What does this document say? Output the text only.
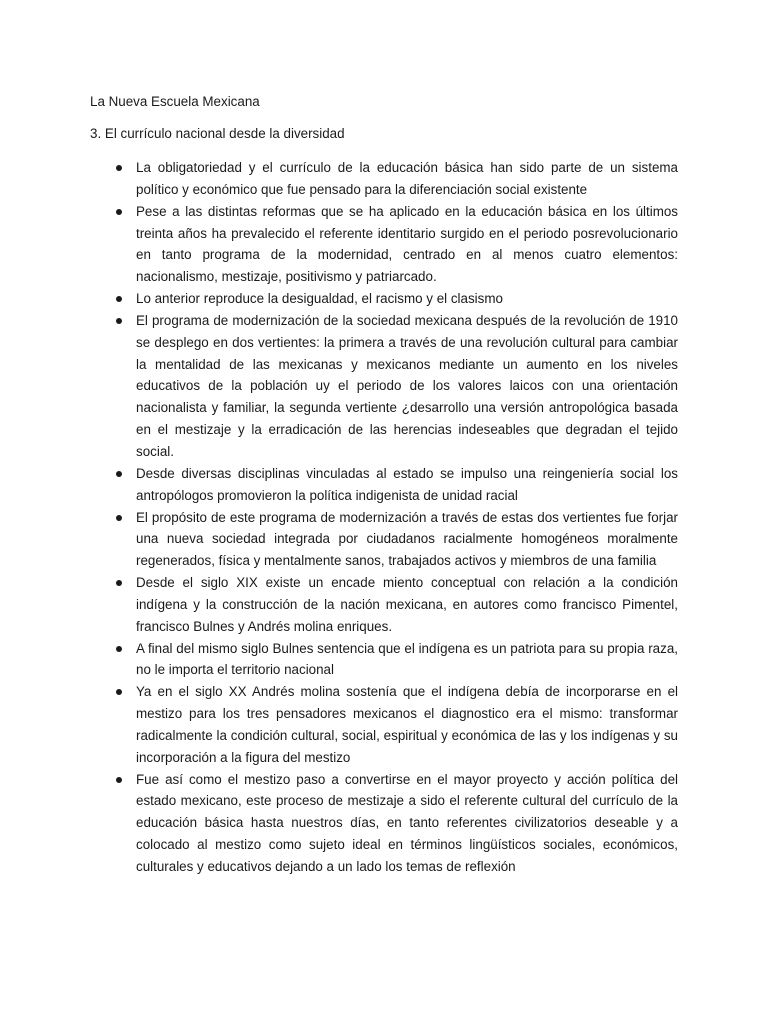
La Nueva Escuela Mexicana
3. El currículo nacional desde la diversidad
La obligatoriedad y el currículo de la educación básica han sido parte de un sistema político y económico que fue pensado para la diferenciación social existente
Pese a las distintas reformas que se ha aplicado en la educación básica en los últimos treinta años ha prevalecido el referente identitario surgido en el periodo posrevolucionario en tanto programa de la modernidad, centrado en al menos cuatro elementos: nacionalismo, mestizaje, positivismo y patriarcado.
Lo anterior reproduce la desigualdad, el racismo y el clasismo
El programa de modernización de la sociedad mexicana después de la revolución de 1910 se desplego en dos vertientes: la primera a través de una revolución cultural para cambiar la mentalidad de las mexicanas y mexicanos mediante un aumento en los niveles educativos de la población uy el periodo de los valores laicos con una orientación nacionalista y familiar, la segunda vertiente ¿desarrollo una versión antropológica basada en el mestizaje y la erradicación de las herencias indeseables que degradan el tejido social.
Desde diversas disciplinas vinculadas al estado se impulso una reingeniería social los antropólogos promovieron la política indigenista de unidad racial
El propósito de este programa de modernización a través de estas dos vertientes fue forjar una nueva sociedad integrada por ciudadanos racialmente homogéneos moralmente regenerados, física y mentalmente sanos, trabajados activos y miembros de una familia
Desde el siglo XIX existe un encade miento conceptual con relación a la condición indígena y la construcción de la nación mexicana, en autores como francisco Pimentel, francisco Bulnes y Andrés molina enriques.
A final del mismo siglo Bulnes sentencia que el indígena es un patriota para su propia raza, no le importa el territorio nacional
Ya en el siglo XX Andrés molina sostenía que el indígena debía de incorporarse en el mestizo para los tres pensadores mexicanos el diagnostico era el mismo: transformar radicalmente la condición cultural, social, espiritual y económica de las y los indígenas y su incorporación a la figura del mestizo
Fue así como el mestizo paso a convertirse en el mayor proyecto y acción política del estado mexicano, este proceso de mestizaje a sido el referente cultural del currículo de la educación básica hasta nuestros días, en tanto referentes civilizatorios deseable y a colocado al mestizo como sujeto ideal en términos lingüísticos sociales, económicos, culturales y educativos dejando a un lado los temas de reflexión
